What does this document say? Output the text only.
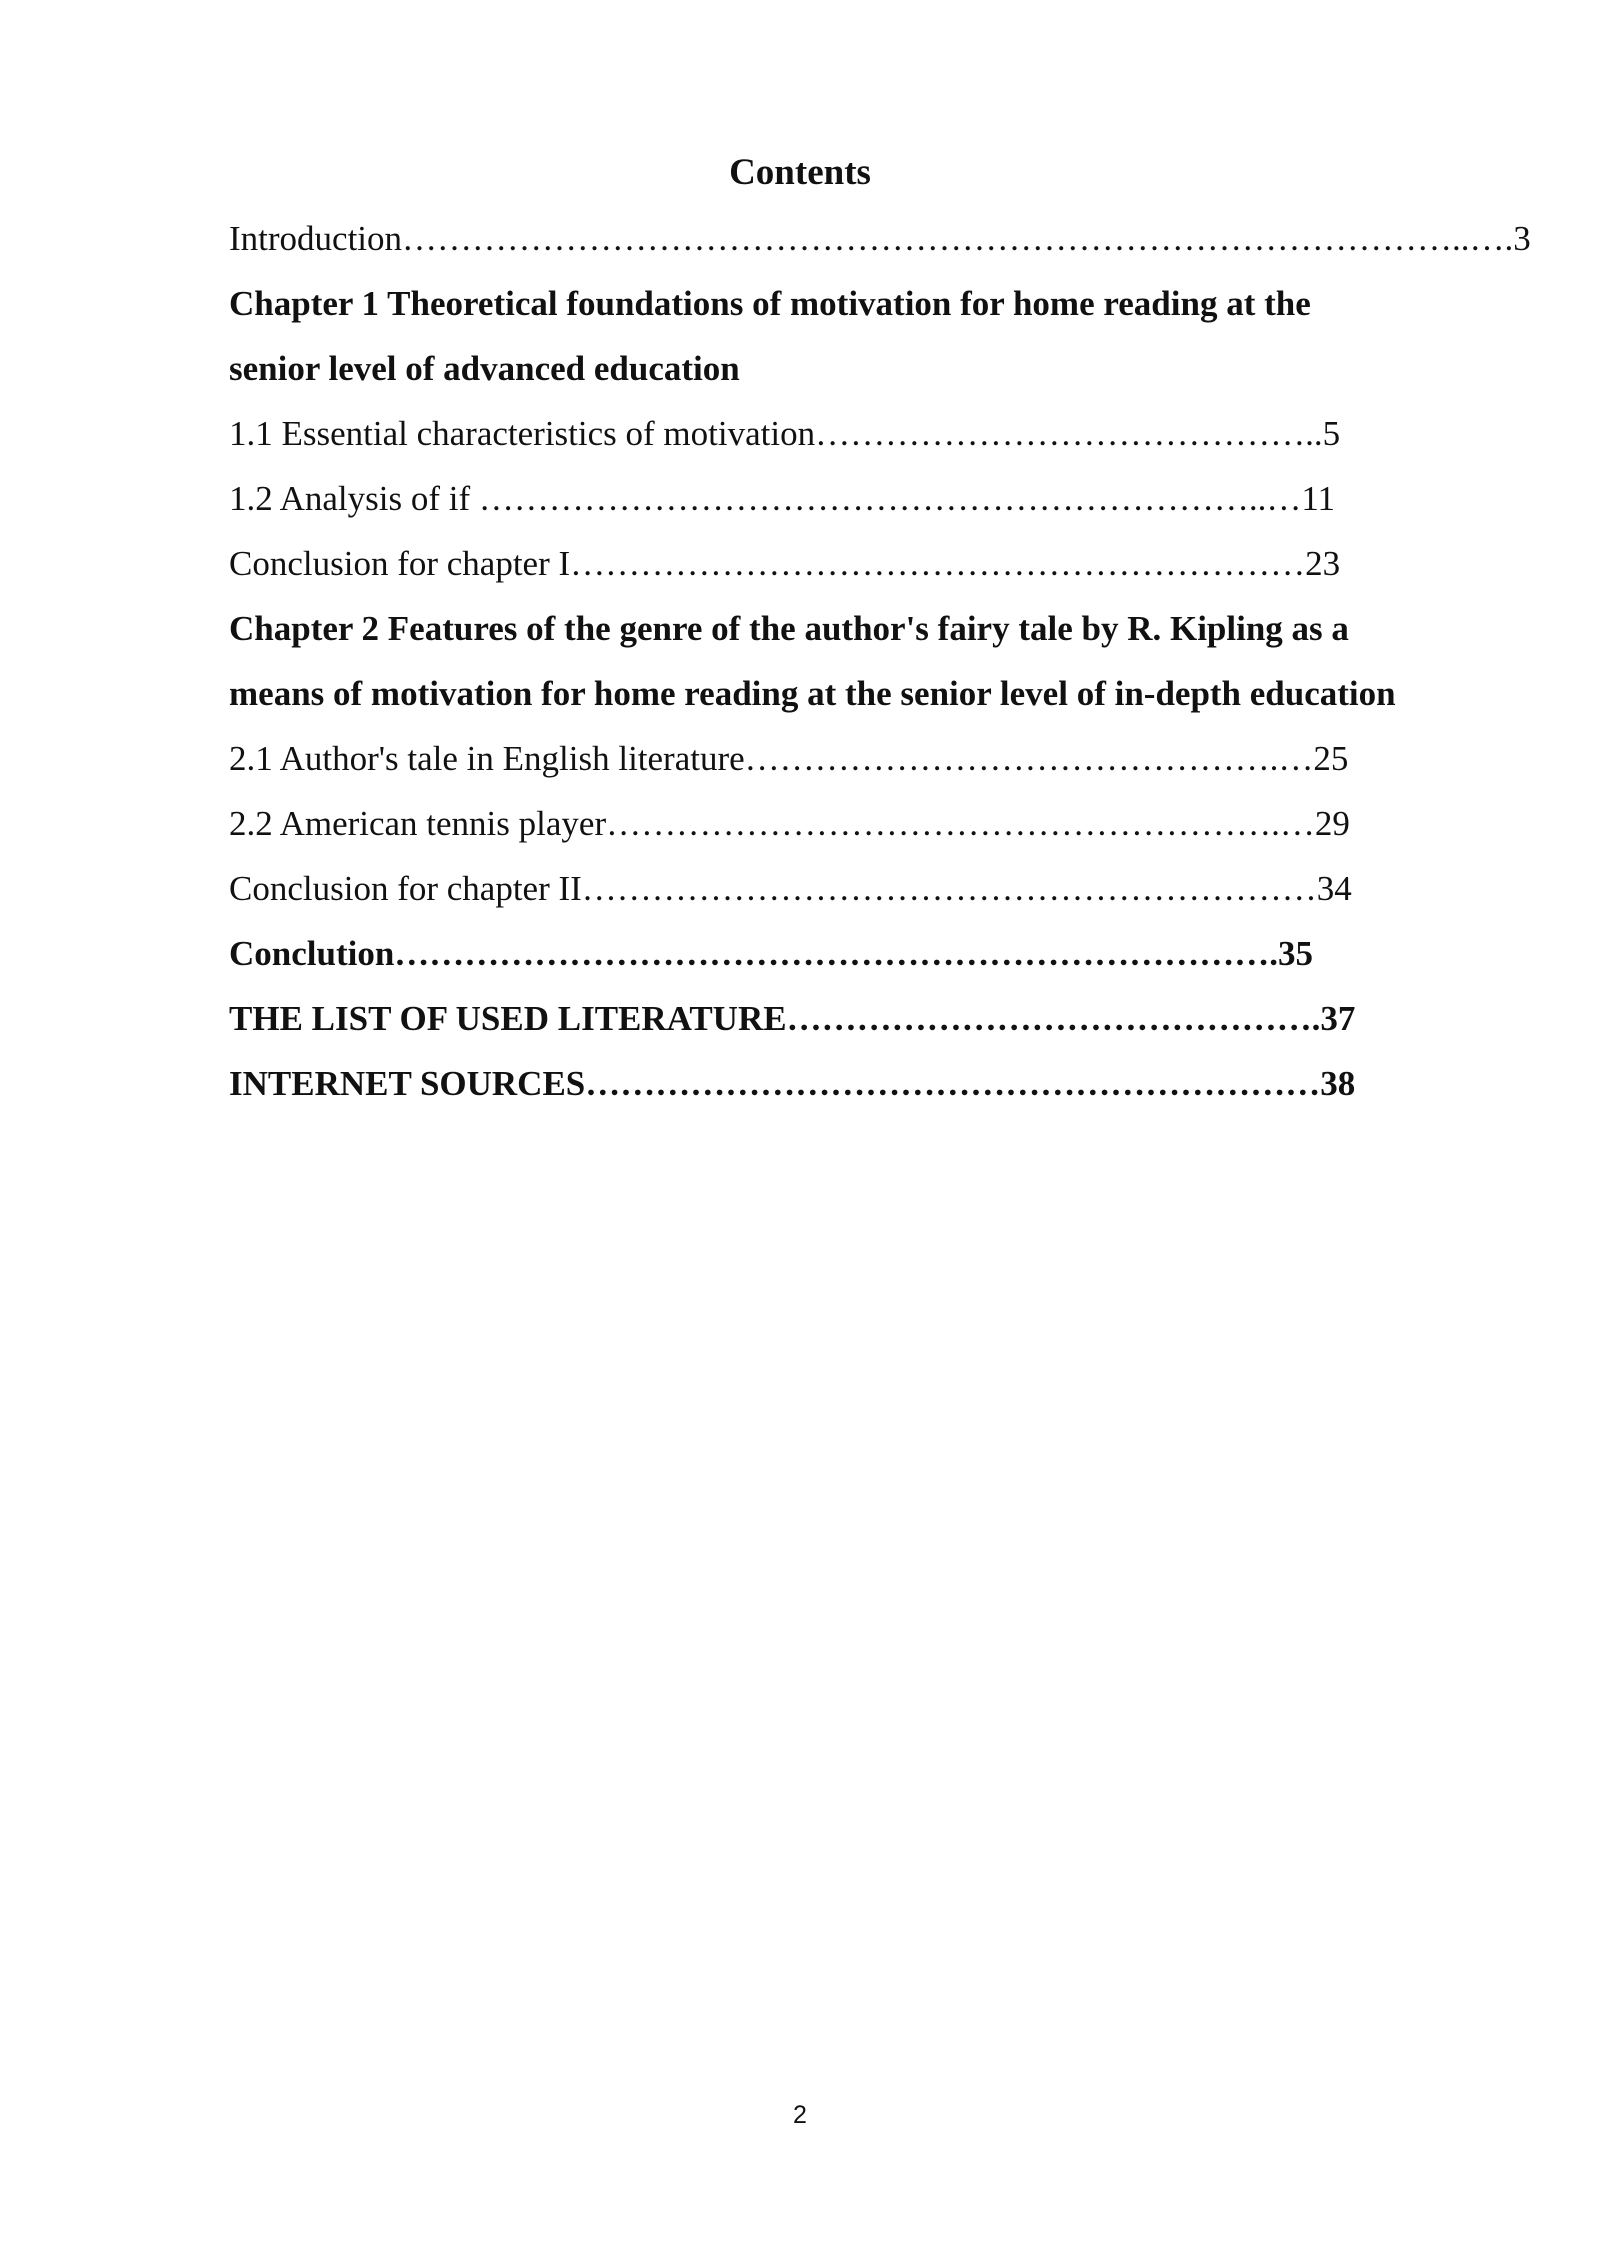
Contents
Introduction………………………………………………………………………………..….3
Chapter 1 Theoretical foundations of motivation for home reading at the
senior level of advanced education
1.1 Essential characteristics of motivation……………………………………..5
1.2 Analysis of if …………………………………………………………..…11
Conclusion for chapter I………………………………………………………23
Chapter 2 Features of the genre of the author's fairy tale by R. Kipling as a
means of motivation for home reading at the senior level of in-depth education
2.1 Author's tale in English literature……………………………………….…25
2.2 American tennis player………………………………………………….…29
Conclusion for chapter II………………………………………………………34
Conclution………………………………………………………………….35
THE LIST OF USED LITERATURE……………………………………….37
INTERNET SOURCES………………………………………………………38
2
